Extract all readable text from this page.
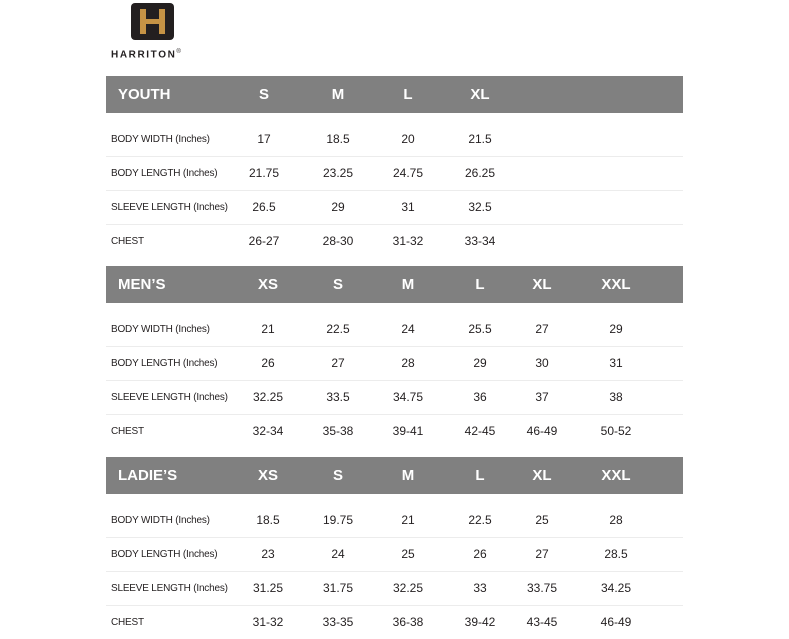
HARRITON®
YOUTH	S	M	L	XL
BODY WIDTH (Inches)	17	18.5	20	21.5
BODY LENGTH (Inches)	21.75	23.25	24.75	26.25
SLEEVE LENGTH (Inches) 26.5	29	31	32.5
CHEST	26-27	28-30	31-32	33-34
MEN’S	XS	S	M	L	XL	XXL
BODY WIDTH (Inches)	21	22.5	24	25.5	27	29
BODY LENGTH (Inches)	26	27	28	29	30	31
SLEEVE LENGTH (Inches) 32.25	33.5	34.75	36	37	38
CHEST	32-34	35-38	39-41	42-45	46-49	50-52
LADIE’S	XS	S	M	L	XL	XXL
BODY WIDTH (Inches)	18.5	19.75	21	22.5	25	28
BODY LENGTH (Inches)	23	24	25	26	27	28.5
SLEEVE LENGTH (Inches) 31.25	31.75	32.25	33	33.75	34.25
CHEST	31-32	33-35	36-38	39-42	43-45	46-49
